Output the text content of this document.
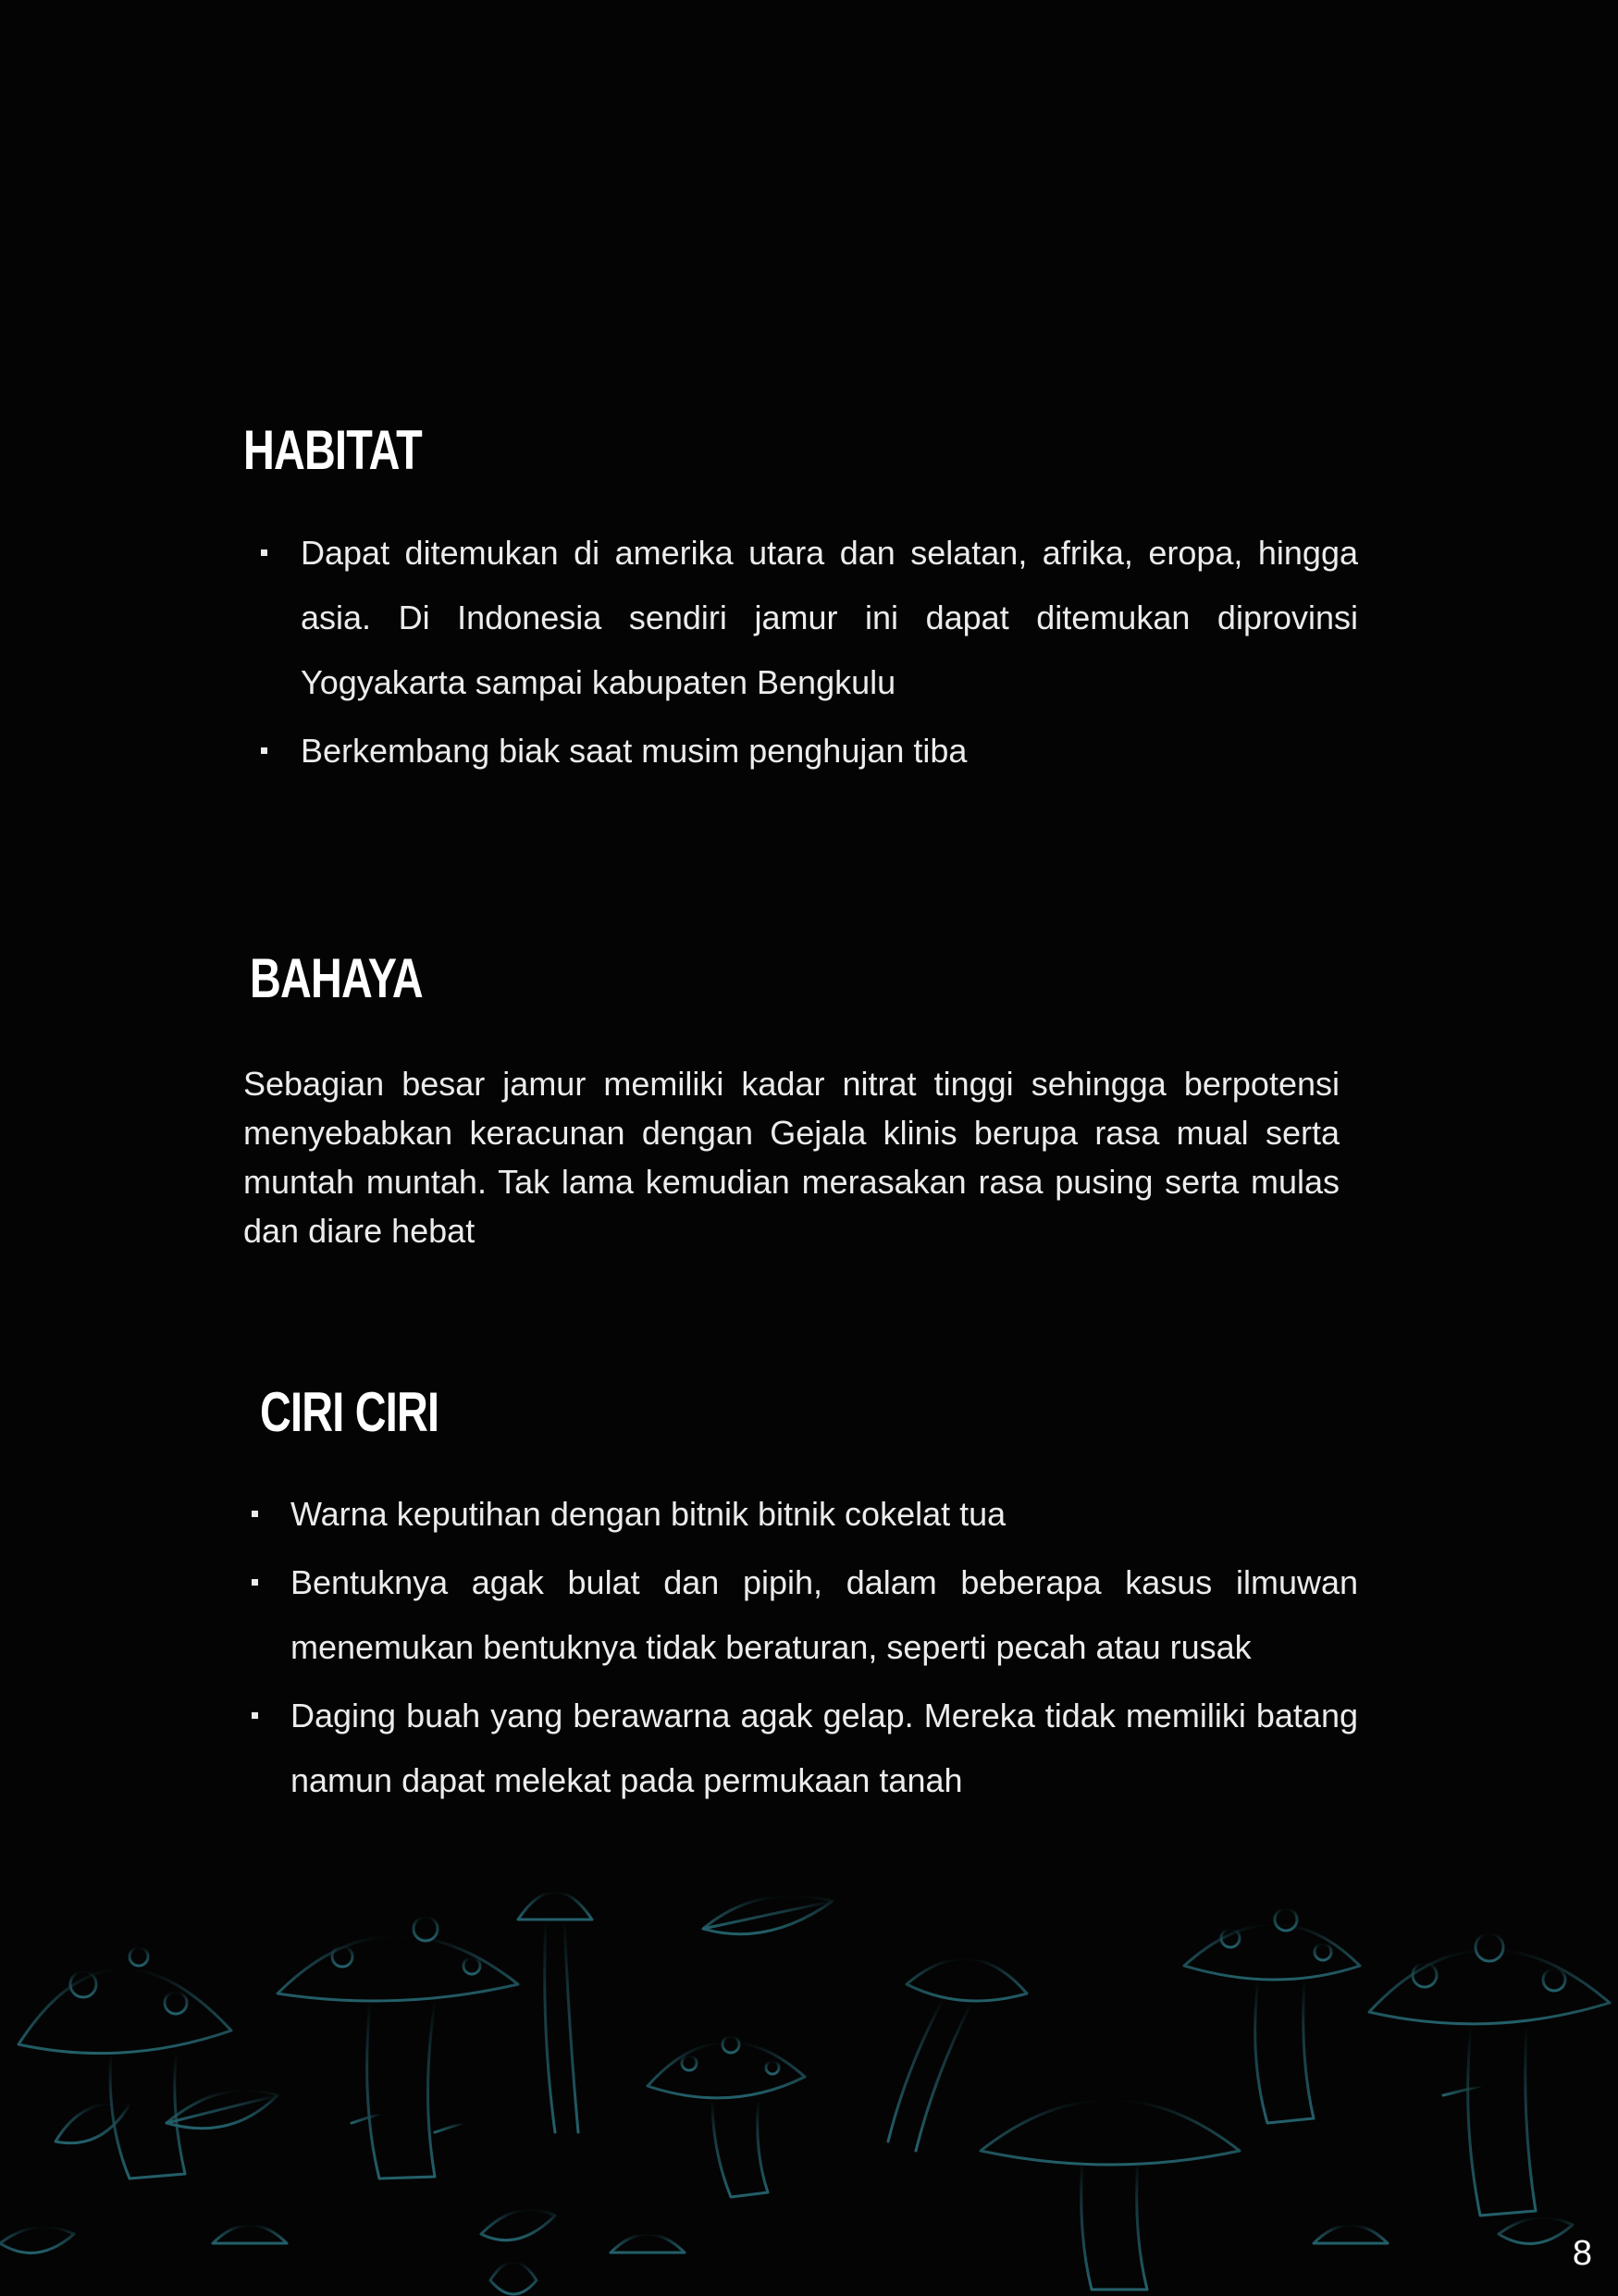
HABITAT
Dapat ditemukan di amerika utara dan selatan, afrika, eropa, hingga asia. Di Indonesia sendiri jamur ini dapat ditemukan diprovinsi Yogyakarta sampai kabupaten Bengkulu
Berkembang biak saat musim penghujan tiba
BAHAYA

Sebagian besar jamur memiliki kadar nitrat tinggi sehingga berpotensi menyebabkan keracunan dengan Gejala klinis berupa rasa mual serta muntah muntah. Tak lama kemudian merasakan rasa pusing serta mulas dan diare hebat

CIRI CIRI
Warna keputihan dengan bitnik bitnik cokelat tua
Bentuknya agak bulat dan pipih, dalam beberapa kasus ilmuwan menemukan bentuknya tidak beraturan, seperti pecah atau rusak
Daging buah yang berawarna agak gelap. Mereka tidak memiliki batang namun dapat melekat pada permukaan tanah
8
